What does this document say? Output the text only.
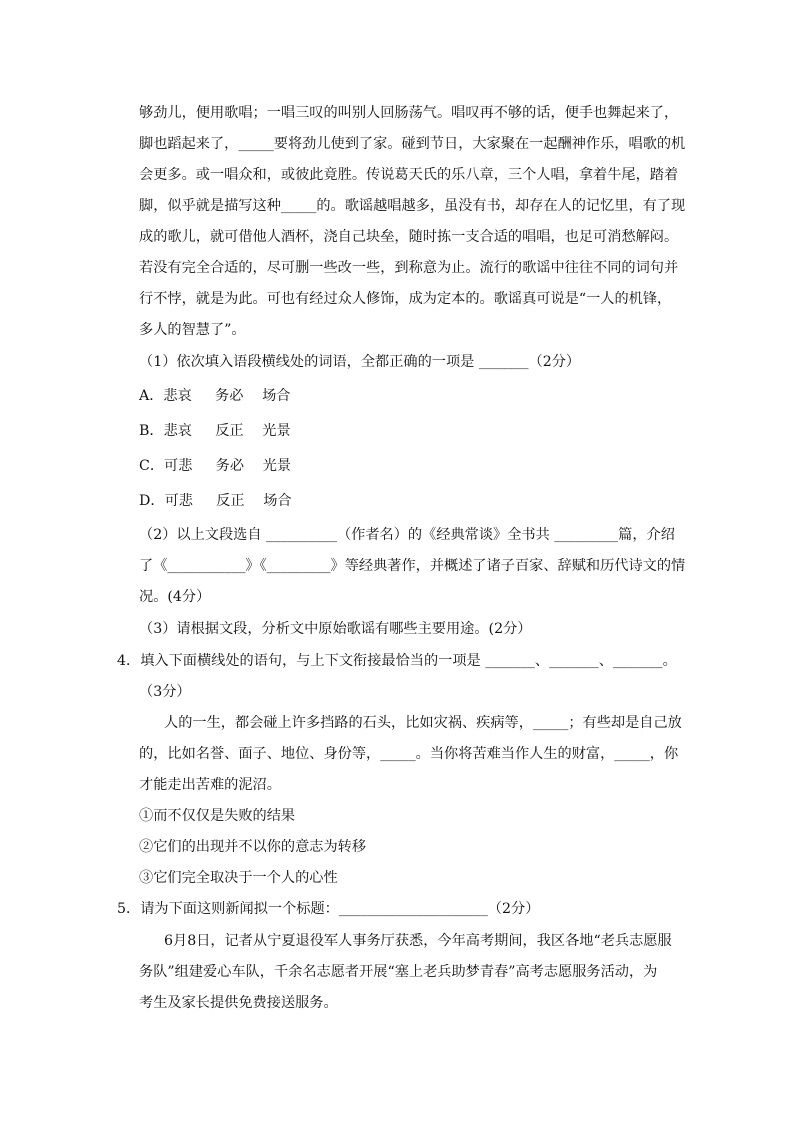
够劲儿，便用歌唱；一唱三叹的叫别人回肠荡气。唱叹再不够的话，便手也舞起来了，
脚也蹈起来了，_____要将劲儿使到了家。碰到节日，大家聚在一起酬神作乐，唱歌的机
会更多。或一唱众和，或彼此竟胜。传说葛天氏的乐八章，三个人唱，拿着牛尾，踏着
脚，似乎就是描写这种_____的。歌谣越唱越多，虽没有书，却存在人的记忆里，有了现
成的歌儿，就可借他人酒杯，浇自己块垒，随时拣一支合适的唱唱，也足可消愁解闷。
若没有完全合适的，尽可删一些改一些，到称意为止。流行的歌谣中往往不同的词句并
行不悖，就是为此。可也有经过众人修饰，成为定本的。歌谣真可说是“一人的机锋，
多人的智慧了”。
（1）依次填入语段横线处的词语，全都正确的一项是 _______（2分）
A．悲哀 　 务必 　场合
B．悲哀 　 反正 　光景
C．可悲 　 务必 　光景
D．可悲 　 反正 　场合
（2）以上文段选自 __________（作者名）的《经典常谈》全书共 _________篇，介绍
了《___________》《_________》等经典著作，并概述了诸子百家、辞赋和历代诗文的情
况。(4分）
（3）请根据文段，分析文中原始歌谣有哪些主要用途。(2分）
4．填入下面横线处的语句，与上下文衔接最恰当的一项是 _______、_______、_______。
（3分）
人的一生，都会碰上许多挡路的石头，比如灾祸、疾病等，_____；有些却是自己放
的，比如名誉、面子、地位、身份等，_____。当你将苦难当作人生的财富，_____，你
才能走出苦难的泥沼。
①而不仅仅是失败的结果
②它们的出现并不以你的意志为转移
③它们完全取决于一个人的心性
5．请为下面这则新闻拟一个标题：_____________________（2分）
6月8日，记者从宁夏退役军人事务厅获悉，今年高考期间，我区各地“老兵志愿服
务队”组建爱心车队，千余名志愿者开展“塞上老兵助梦青春”高考志愿服务活动，为
考生及家长提供免费接送服务。
